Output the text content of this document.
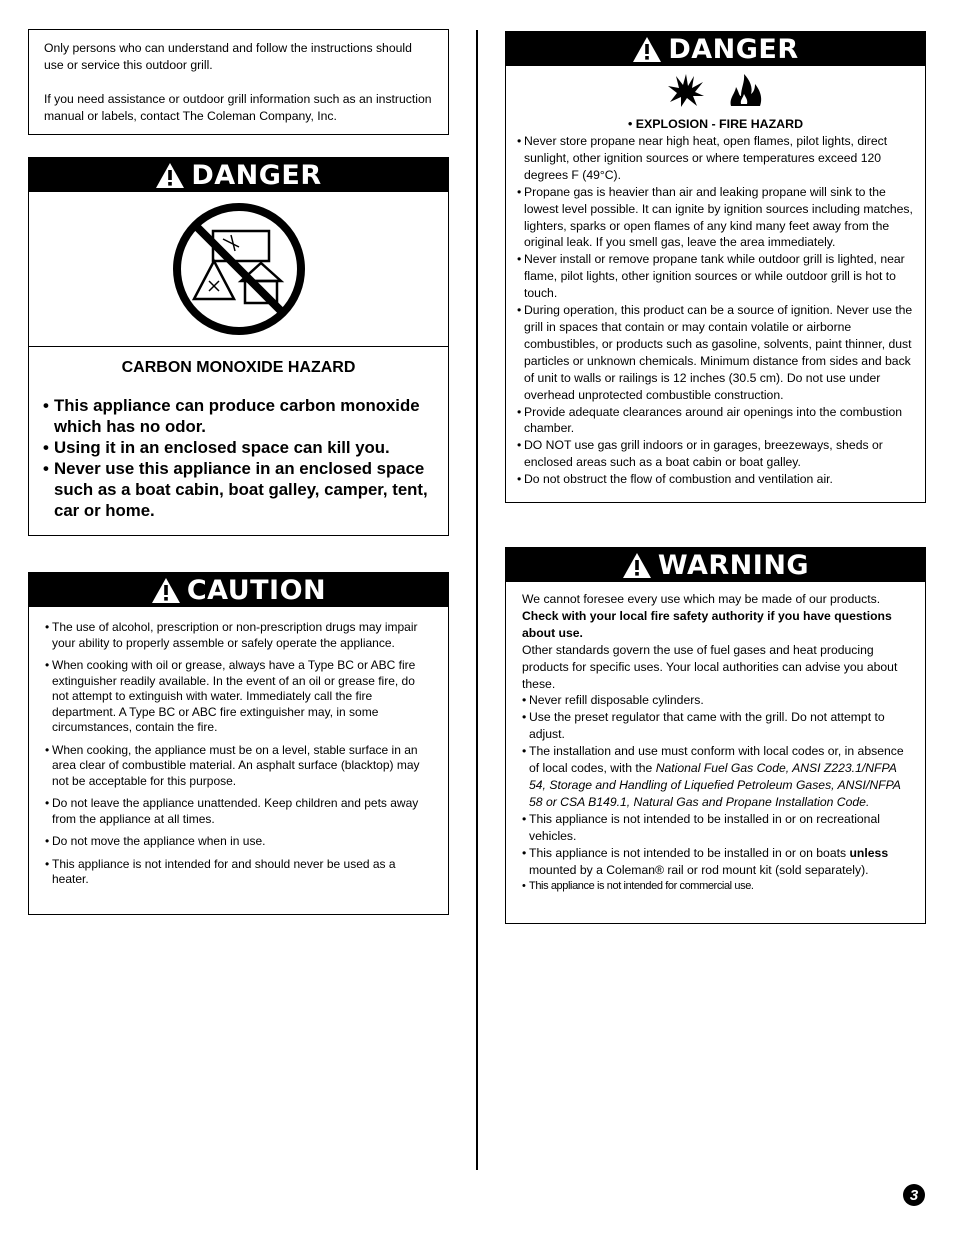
Only persons who can understand and follow the instructions should use or service this outdoor grill.

If you need assistance or outdoor grill information such as an instruction manual or labels, contact The Coleman Company, Inc.

DANGER
CARBON MONOXIDE HAZARD
• This appliance can produce carbon monoxide which has no odor.
• Using it in an enclosed space can kill you.
• Never use this appliance in an enclosed space such as a boat cabin, boat galley, camper, tent, car or home.
CAUTION
• The use of alcohol, prescription or non-prescription drugs may impair your ability to properly assemble or safely operate the appliance.
• When cooking with oil or grease, always have a Type BC or ABC fire extinguisher readily available. In the event of an oil or grease fire, do not attempt to extinguish with water. Immediately call the fire department. A Type BC or ABC fire extinguisher may, in some circumstances, contain the fire.
• When cooking, the appliance must be on a level, stable surface in an area clear of combustible material. An asphalt surface (blacktop) may not be acceptable for this purpose.
• Do not leave the appliance unattended. Keep children and pets away from the appliance at all times.
• Do not move the appliance when in use.
• This appliance is not intended for and should never be used as a heater.
DANGER
• EXPLOSION - FIRE HAZARD
• Never store propane near high heat, open flames, pilot lights, direct sunlight, other ignition sources or where temperatures exceed 120 degrees F (49°C).
• Propane gas is heavier than air and leaking propane will sink to the lowest level possible. It can ignite by ignition sources including matches, lighters, sparks or open flames of any kind many feet away from the original leak. If you smell gas, leave the area immediately.
• Never install or remove propane tank while outdoor grill is lighted, near flame, pilot lights, other ignition sources or while outdoor grill is hot to touch.
• During operation, this product can be a source of ignition. Never use the grill in spaces that contain or may contain volatile or airborne combustibles, or products such as gasoline, solvents, paint thinner, dust particles or unknown chemicals. Minimum distance from sides and back of unit to walls or railings is 12 inches (30.5 cm). Do not use under overhead unprotected combustible construction.
• Provide adequate clearances around air openings into the combustion chamber.
• DO NOT use gas grill indoors or in garages, breezeways, sheds or enclosed areas such as a boat cabin or boat galley.
• Do not obstruct the flow of combustion and ventilation air.
WARNING
We cannot foresee every use which may be made of our products.
Check with your local fire safety authority if you have questions about use.
Other standards govern the use of fuel gases and heat producing products for specific uses. Your local authorities can advise you about these.
• Never refill disposable cylinders.
• Use the preset regulator that came with the grill. Do not attempt to adjust.
• The installation and use must conform with local codes or, in absence of local codes, with the National Fuel Gas Code, ANSI Z223.1/NFPA 54, Storage and Handling of Liquefied Petroleum Gases, ANSI/NFPA 58 or CSA B149.1, Natural Gas and Propane Installation Code.
• This appliance is not intended to be installed in or on recreational vehicles.
• This appliance is not intended to be installed in or on boats unless mounted by a Coleman® rail or rod mount kit (sold separately).
• This appliance is not intended for commercial use.
3
